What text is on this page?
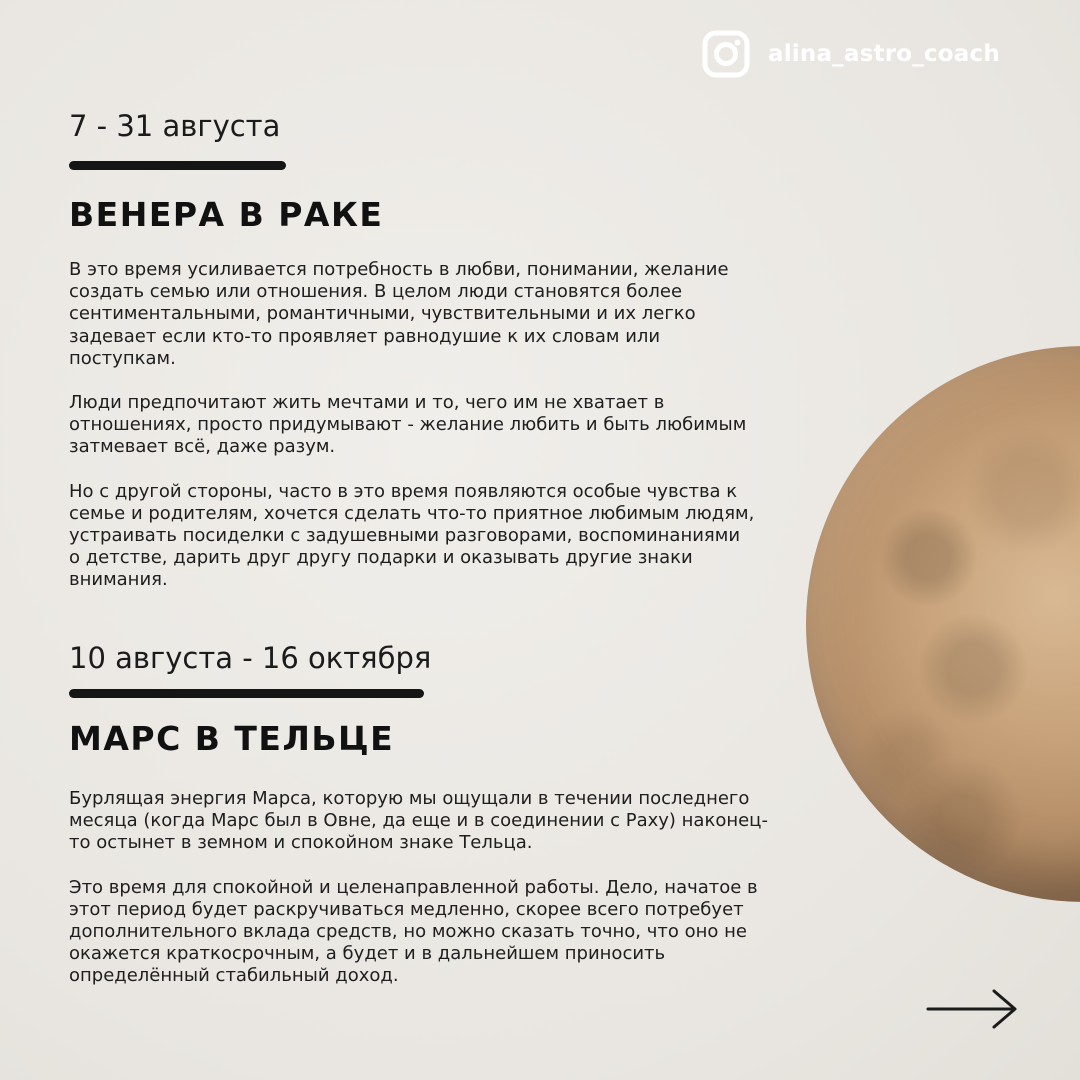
alina_astro_coach
7 - 31 августа
ВЕНЕРА В РАКЕ

В это время усиливается потребность в любви, понимании, желание
создать семью или отношения. В целом люди становятся более
сентиментальными, романтичными, чувствительными и их легко
задевает если кто-то проявляет равнодушие к их словам или
поступкам.

Люди предпочитают жить мечтами и то, чего им не хватает в
отношениях, просто придумывают - желание любить и быть любимым
затмевает всё, даже разум.

Но с другой стороны, часто в это время появляются особые чувства к
семье и родителям, хочется сделать что-то приятное любимым людям,
устраивать посиделки с задушевными разговорами, воспоминаниями
о детстве, дарить друг другу подарки и оказывать другие знаки
внимания.

10 августа - 16 октября
МАРС В ТЕЛЬЦЕ

Бурлящая энергия Марса, которую мы ощущали в течении последнего
месяца (когда Марс был в Овне, да еще и в соединении с Раху) наконец-
то остынет в земном и спокойном знаке Тельца.

Это время для спокойной и целенаправленной работы. Дело, начатое в
этот период будет раскручиваться медленно, скорее всего потребует
дополнительного вклада средств, но можно сказать точно, что оно не
окажется краткосрочным, а будет и в дальнейшем приносить
определённый стабильный доход.
